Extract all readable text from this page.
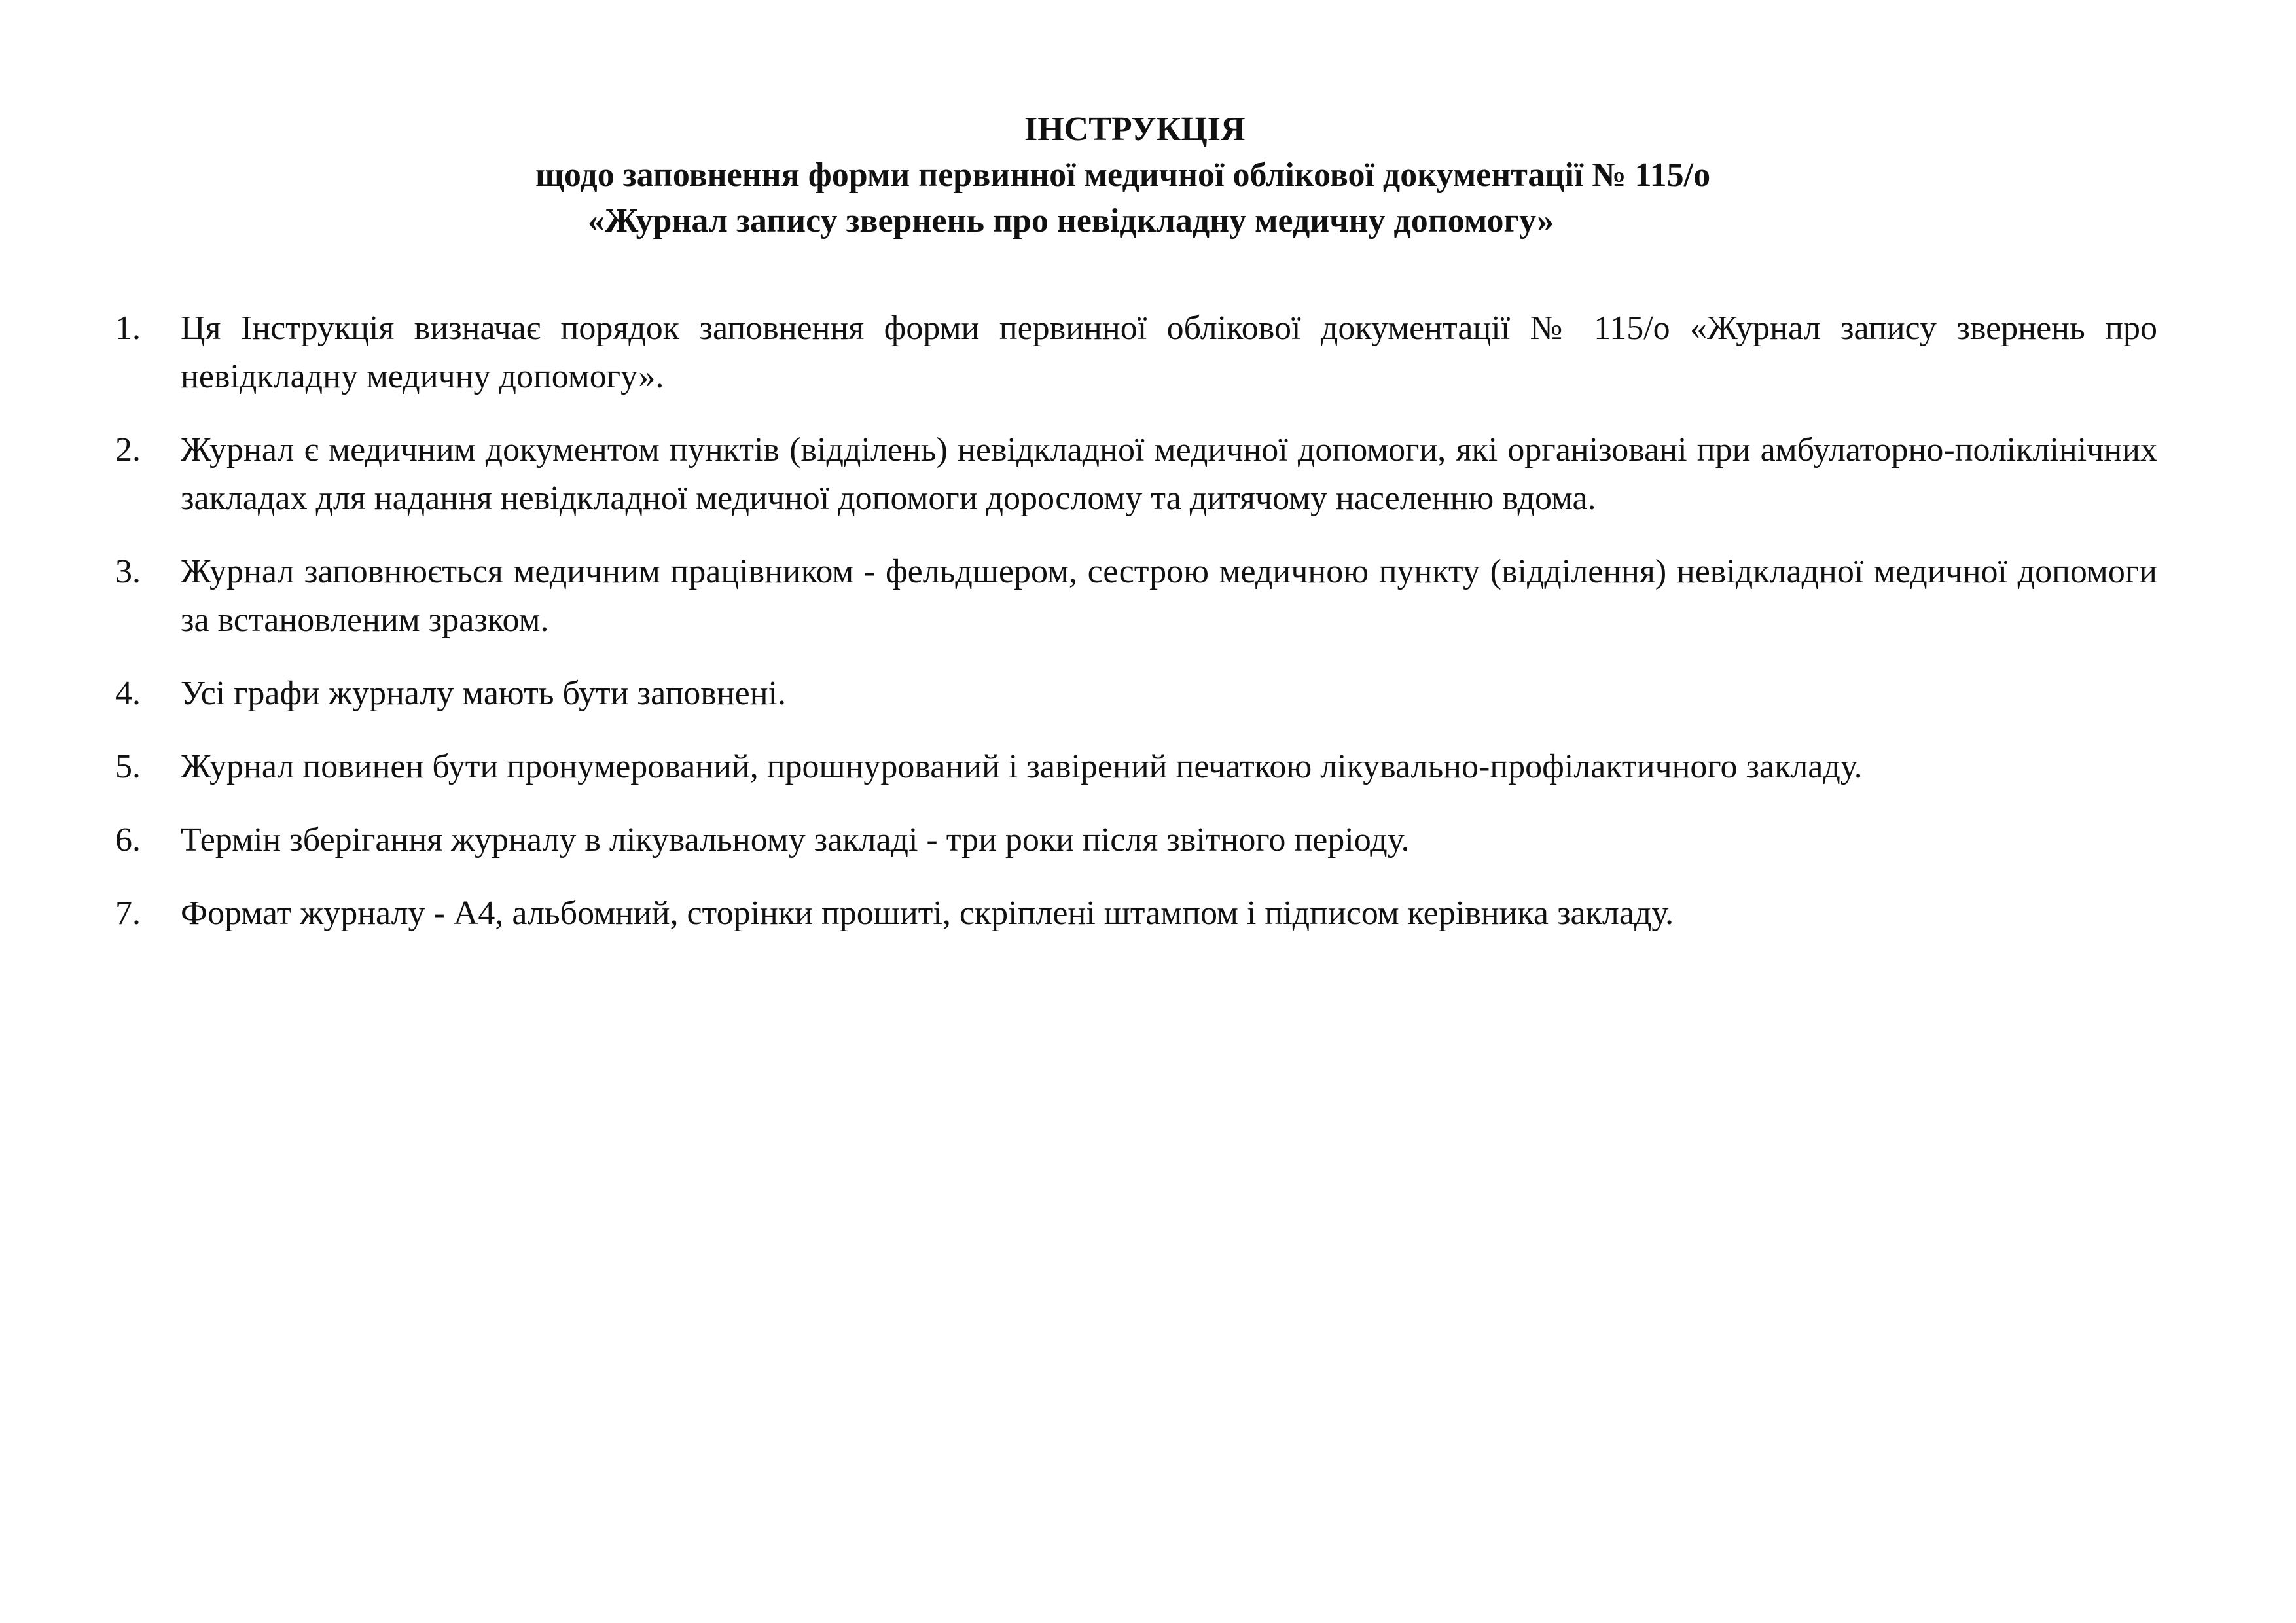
ІНСТРУКЦІЯ
щодо заповнення форми первинної медичної облікової документації № 115/о
«Журнал запису звернень про невідкладну медичну допомогу»
1.	Ця Інструкція визначає порядок заповнення форми первинної облікової документації № 115/о «Журнал запису звернень про невідкладну медичну допомогу».
2.	Журнал є медичним документом пунктів (відділень) невідкладної медичної допомоги, які організовані при амбулаторно-поліклінічних закладах для надання невідкладної медичної допомоги дорослому та дитячому населенню вдома.
3.	Журнал заповнюється медичним працівником - фельдшером, сестрою медичною пункту (відділення) невідкладної медичної допомоги за встановленим зразком.
4.	Усі графи журналу мають бути заповнені.
5.	Журнал повинен бути пронумерований, прошнурований і завірений печаткою лікувально-профілактичного закладу.
6.	Термін зберігання журналу в лікувальному закладі - три роки після звітного періоду.
7.	Формат журналу - А4, альбомний, сторінки прошиті, скріплені штампом і підписом керівника закладу.
